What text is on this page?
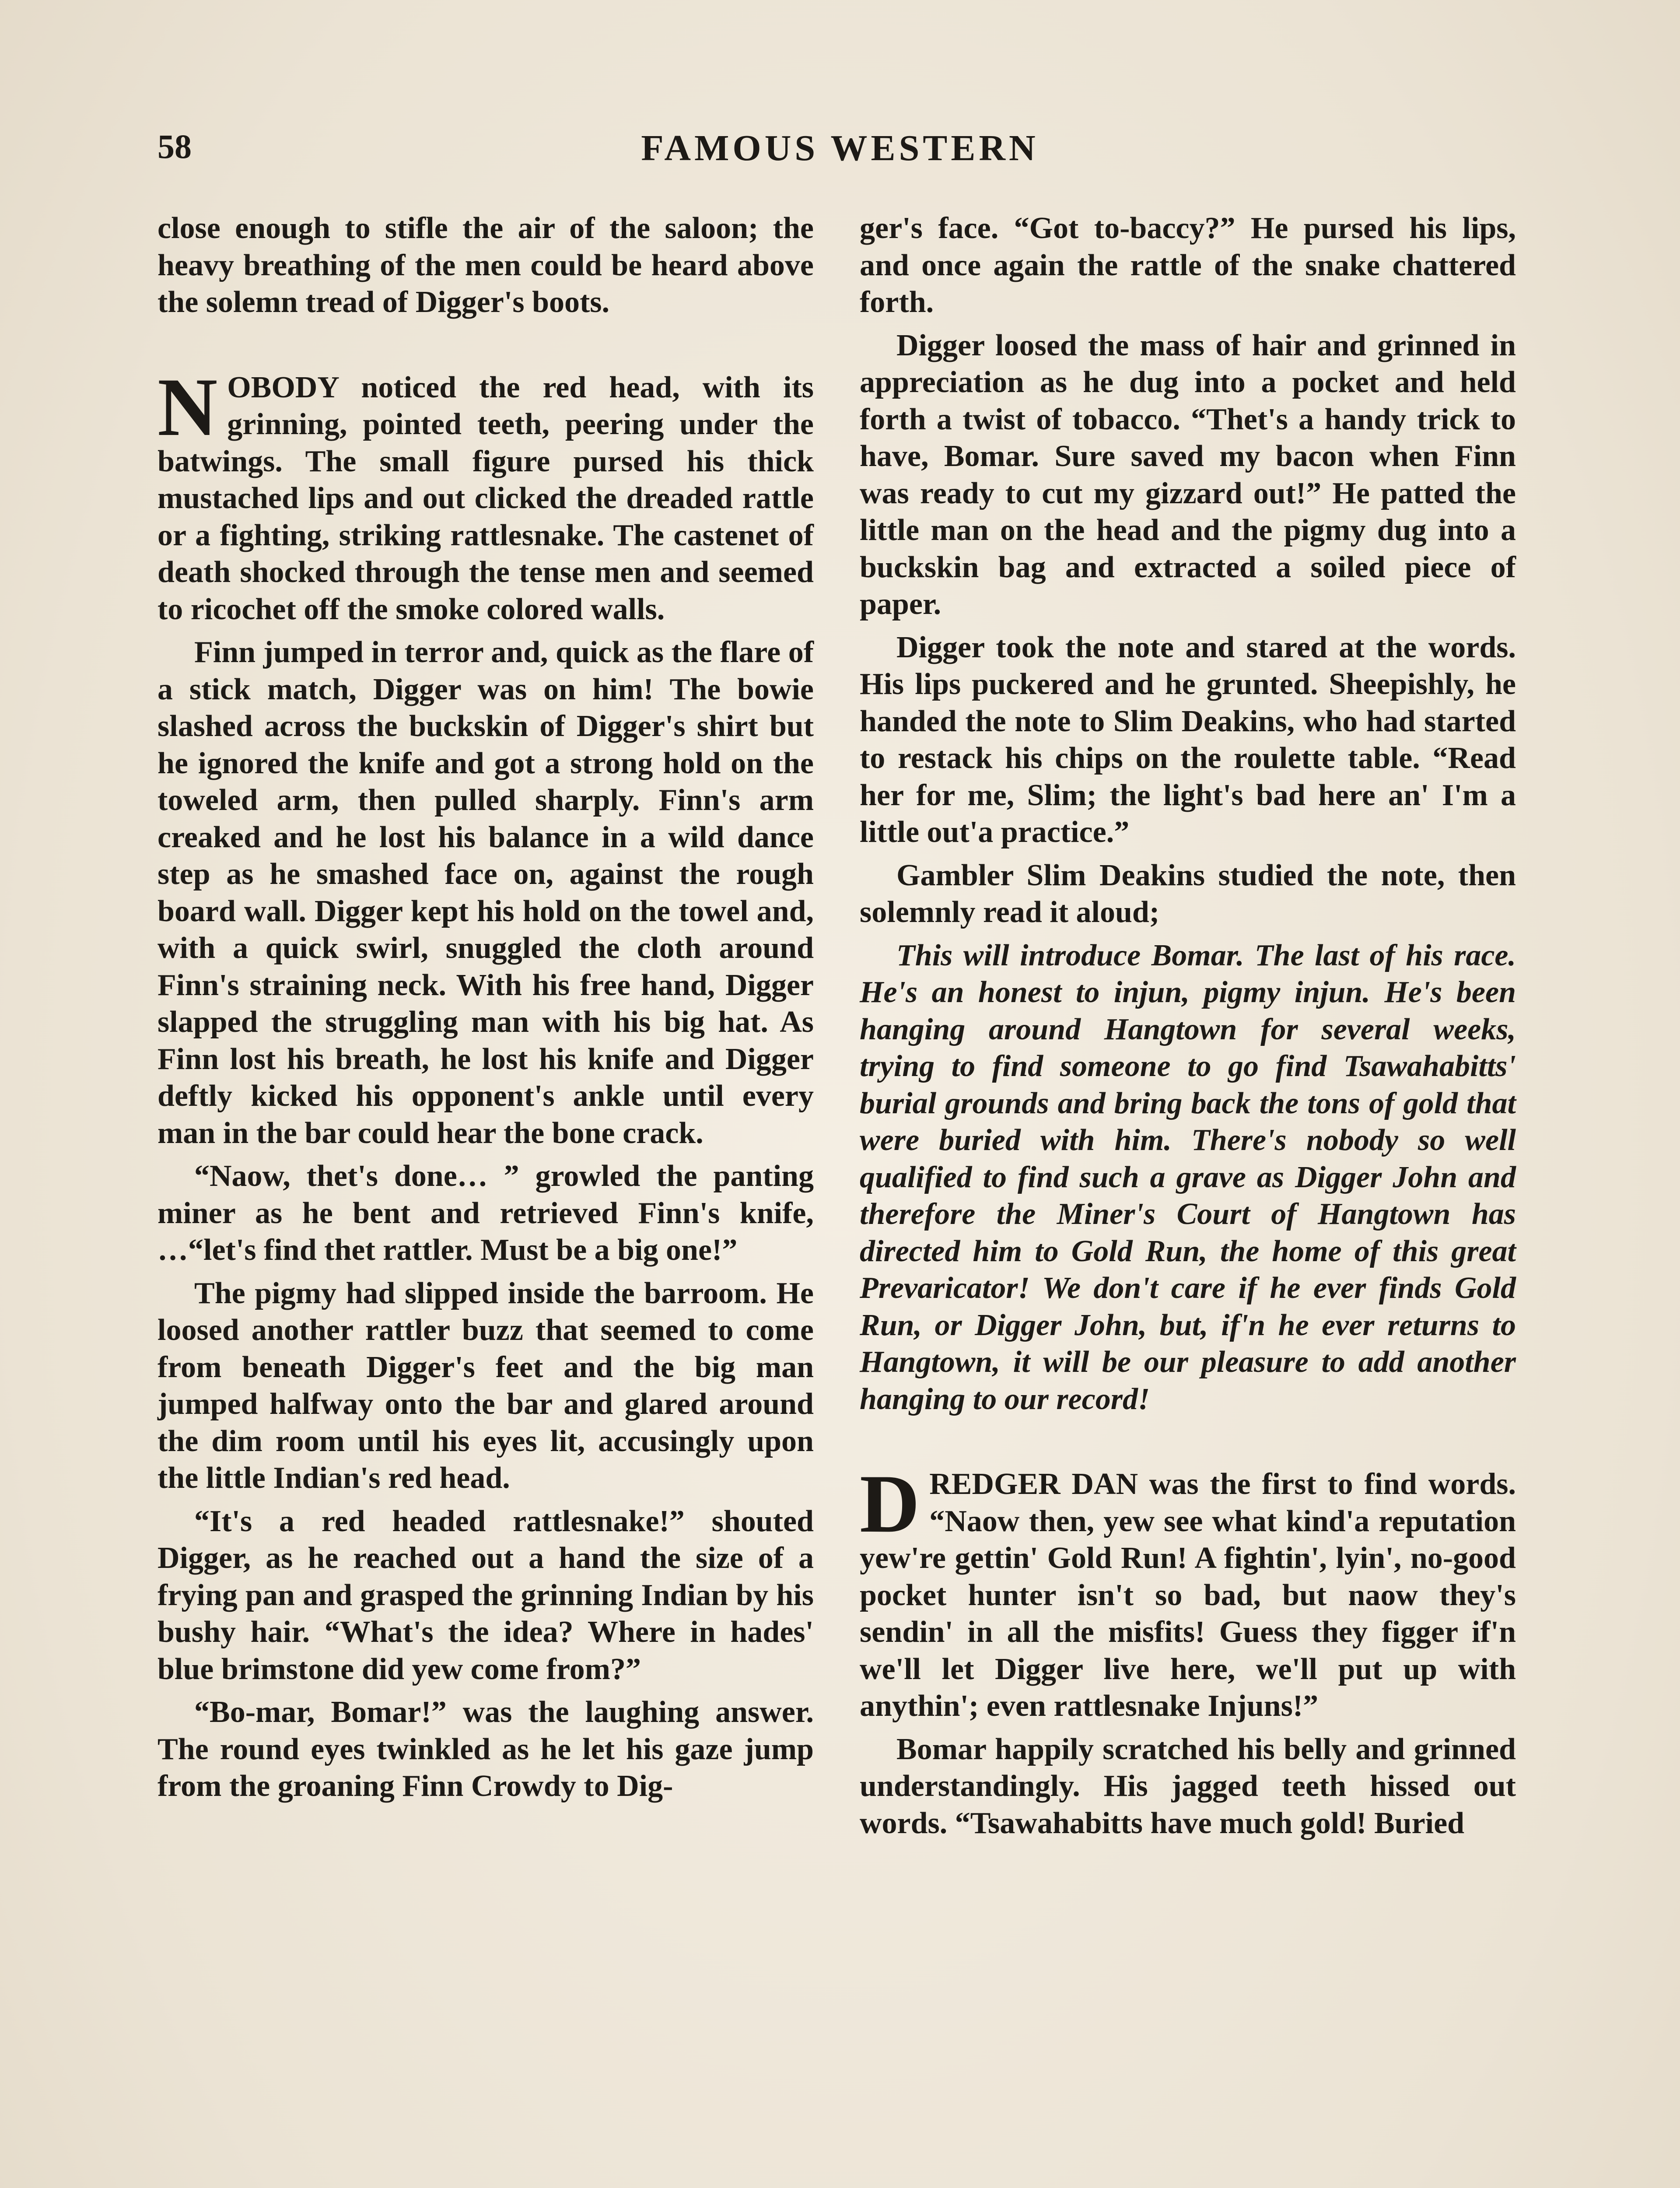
58	FAMOUS WESTERN

close enough to stifle the air of the saloon; the heavy breathing of the men could be heard above the solemn tread of Digger's boots.

NOBODY noticed the red head, with its grinning, pointed teeth, peering under the batwings. The small figure pursed his thick mustached lips and out clicked the dreaded rattle or a fighting, striking rattlesnake. The castenet of death shocked through the tense men and seemed to ricochet off the smoke colored walls.

Finn jumped in terror and, quick as the flare of a stick match, Digger was on him! The bowie slashed across the buckskin of Digger's shirt but he ignored the knife and got a strong hold on the toweled arm, then pulled sharply. Finn's arm creaked and he lost his balance in a wild dance step as he smashed face on, against the rough board wall. Digger kept his hold on the towel and, with a quick swirl, snuggled the cloth around Finn's straining neck. With his free hand, Digger slapped the struggling man with his big hat. As Finn lost his breath, he lost his knife and Digger deftly kicked his opponent's ankle until every man in the bar could hear the bone crack.

“Naow, thet's done… ” growled the panting miner as he bent and retrieved Finn's knife, …“let's find thet rattler. Must be a big one!”

The pigmy had slipped inside the barroom. He loosed another rattler buzz that seemed to come from beneath Digger's feet and the big man jumped halfway onto the bar and glared around the dim room until his eyes lit, accusingly upon the little Indian's red head.

“It's a red headed rattlesnake!” shouted Digger, as he reached out a hand the size of a frying pan and grasped the grinning Indian by his bushy hair. “What's the idea? Where in hades' blue brimstone did yew come from?”

“Bo-mar, Bomar!” was the laughing answer. The round eyes twinkled as he let his gaze jump from the groaning Finn Crowdy to Dig-

ger's face. “Got to-baccy?” He pursed his lips, and once again the rattle of the snake chattered forth.

Digger loosed the mass of hair and grinned in appreciation as he dug into a pocket and held forth a twist of tobacco. “Thet's a handy trick to have, Bomar. Sure saved my bacon when Finn was ready to cut my gizzard out!” He patted the little man on the head and the pigmy dug into a buckskin bag and extracted a soiled piece of paper.

Digger took the note and stared at the words. His lips puckered and he grunted. Sheepishly, he handed the note to Slim Deakins, who had started to restack his chips on the roulette table. “Read her for me, Slim; the light's bad here an' I'm a little out'a practice.”

Gambler Slim Deakins studied the note, then solemnly read it aloud;

This will introduce Bomar. The last of his race. He's an honest to injun, pigmy injun. He's been hanging around Hangtown for several weeks, trying to find someone to go find Tsawahabitts' burial grounds and bring back the tons of gold that were buried with him. There's nobody so well qualified to find such a grave as Digger John and therefore the Miner's Court of Hangtown has directed him to Gold Run, the home of this great Prevaricator! We don't care if he ever finds Gold Run, or Digger John, but, if'n he ever returns to Hangtown, it will be our pleasure to add another hanging to our record!

DREDGER DAN was the first to find words. “Naow then, yew see what kind'a reputation yew're gettin' Gold Run! A fightin', lyin', no-good pocket hunter isn't so bad, but naow they's sendin' in all the misfits! Guess they figger if'n we'll let Digger live here, we'll put up with anythin'; even rattlesnake Injuns!”

Bomar happily scratched his belly and grinned understandingly. His jagged teeth hissed out words. “Tsawahabitts have much gold! Buried
